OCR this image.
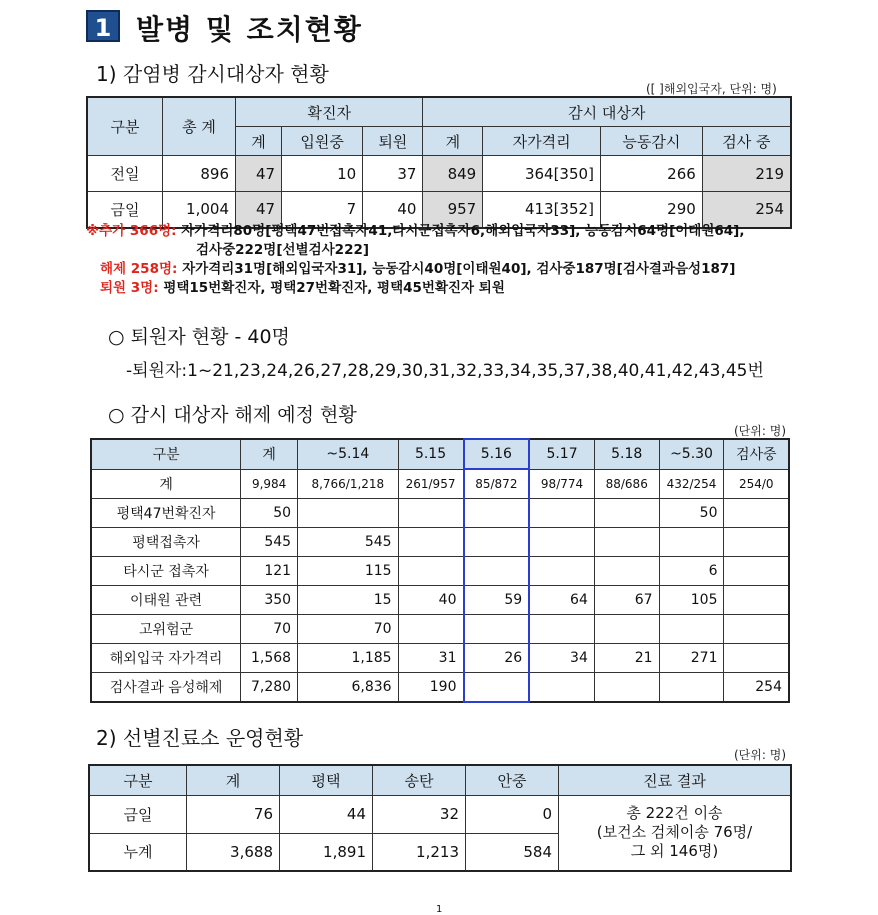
1 발병 및 조치현황
1) 감염병 감시대상자 현황
([ ]해외입국자, 단위: 명)
구분	총 계	확진자			감시 대상자			
		계	입원중	퇴원	계	자가격리	능동감시	검사 중
전일	896	47	10	37	849	364[350]	266	219
금일	1,004	47	7	40	957	413[352]	290	254
※추가 366명: 자가격리80명[평택47번접촉자41,타시군접촉자6,해외입국자33], 능동감시64명[이태원64],
검사중222명[선별검사222]
해제 258명: 자가격리31명[해외입국자31], 능동감시40명[이태원40], 검사중187명[검사결과음성187]
퇴원 3명: 평택15번확진자, 평택27번확진자, 평택45번확진자 퇴원
○ 퇴원자 현황 - 40명
-퇴원자:1~21,23,24,26,27,28,29,30,31,32,33,34,35,37,38,40,41,42,43,45번
○ 감시 대상자 해제 예정 현황
(단위: 명)
구분	계	~5.14	5.15	5.16	5.17	5.18	~5.30	검사중
계	9,984	8,766/1,218	261/957	85/872	98/774	88/686	432/254	254/0
평택47번확진자	50						50	
평택접촉자	545	545						
타시군 접촉자	121	115					6	
이태원 관련	350	15	40	59	64	67	105	
고위험군	70	70						
해외입국 자가격리	1,568	1,185	31	26	34	21	271	
검사결과 음성해제	7,280	6,836	190					254
2) 선별진료소 운영현황
(단위: 명)
구분	계	평택	송탄	안중	진료 결과
금일	76	44	32	0	총 222건 이송
(보건소 검체이송 76명/
그 외 146명)

누계	3,688	1,891	1,213	584	
1
